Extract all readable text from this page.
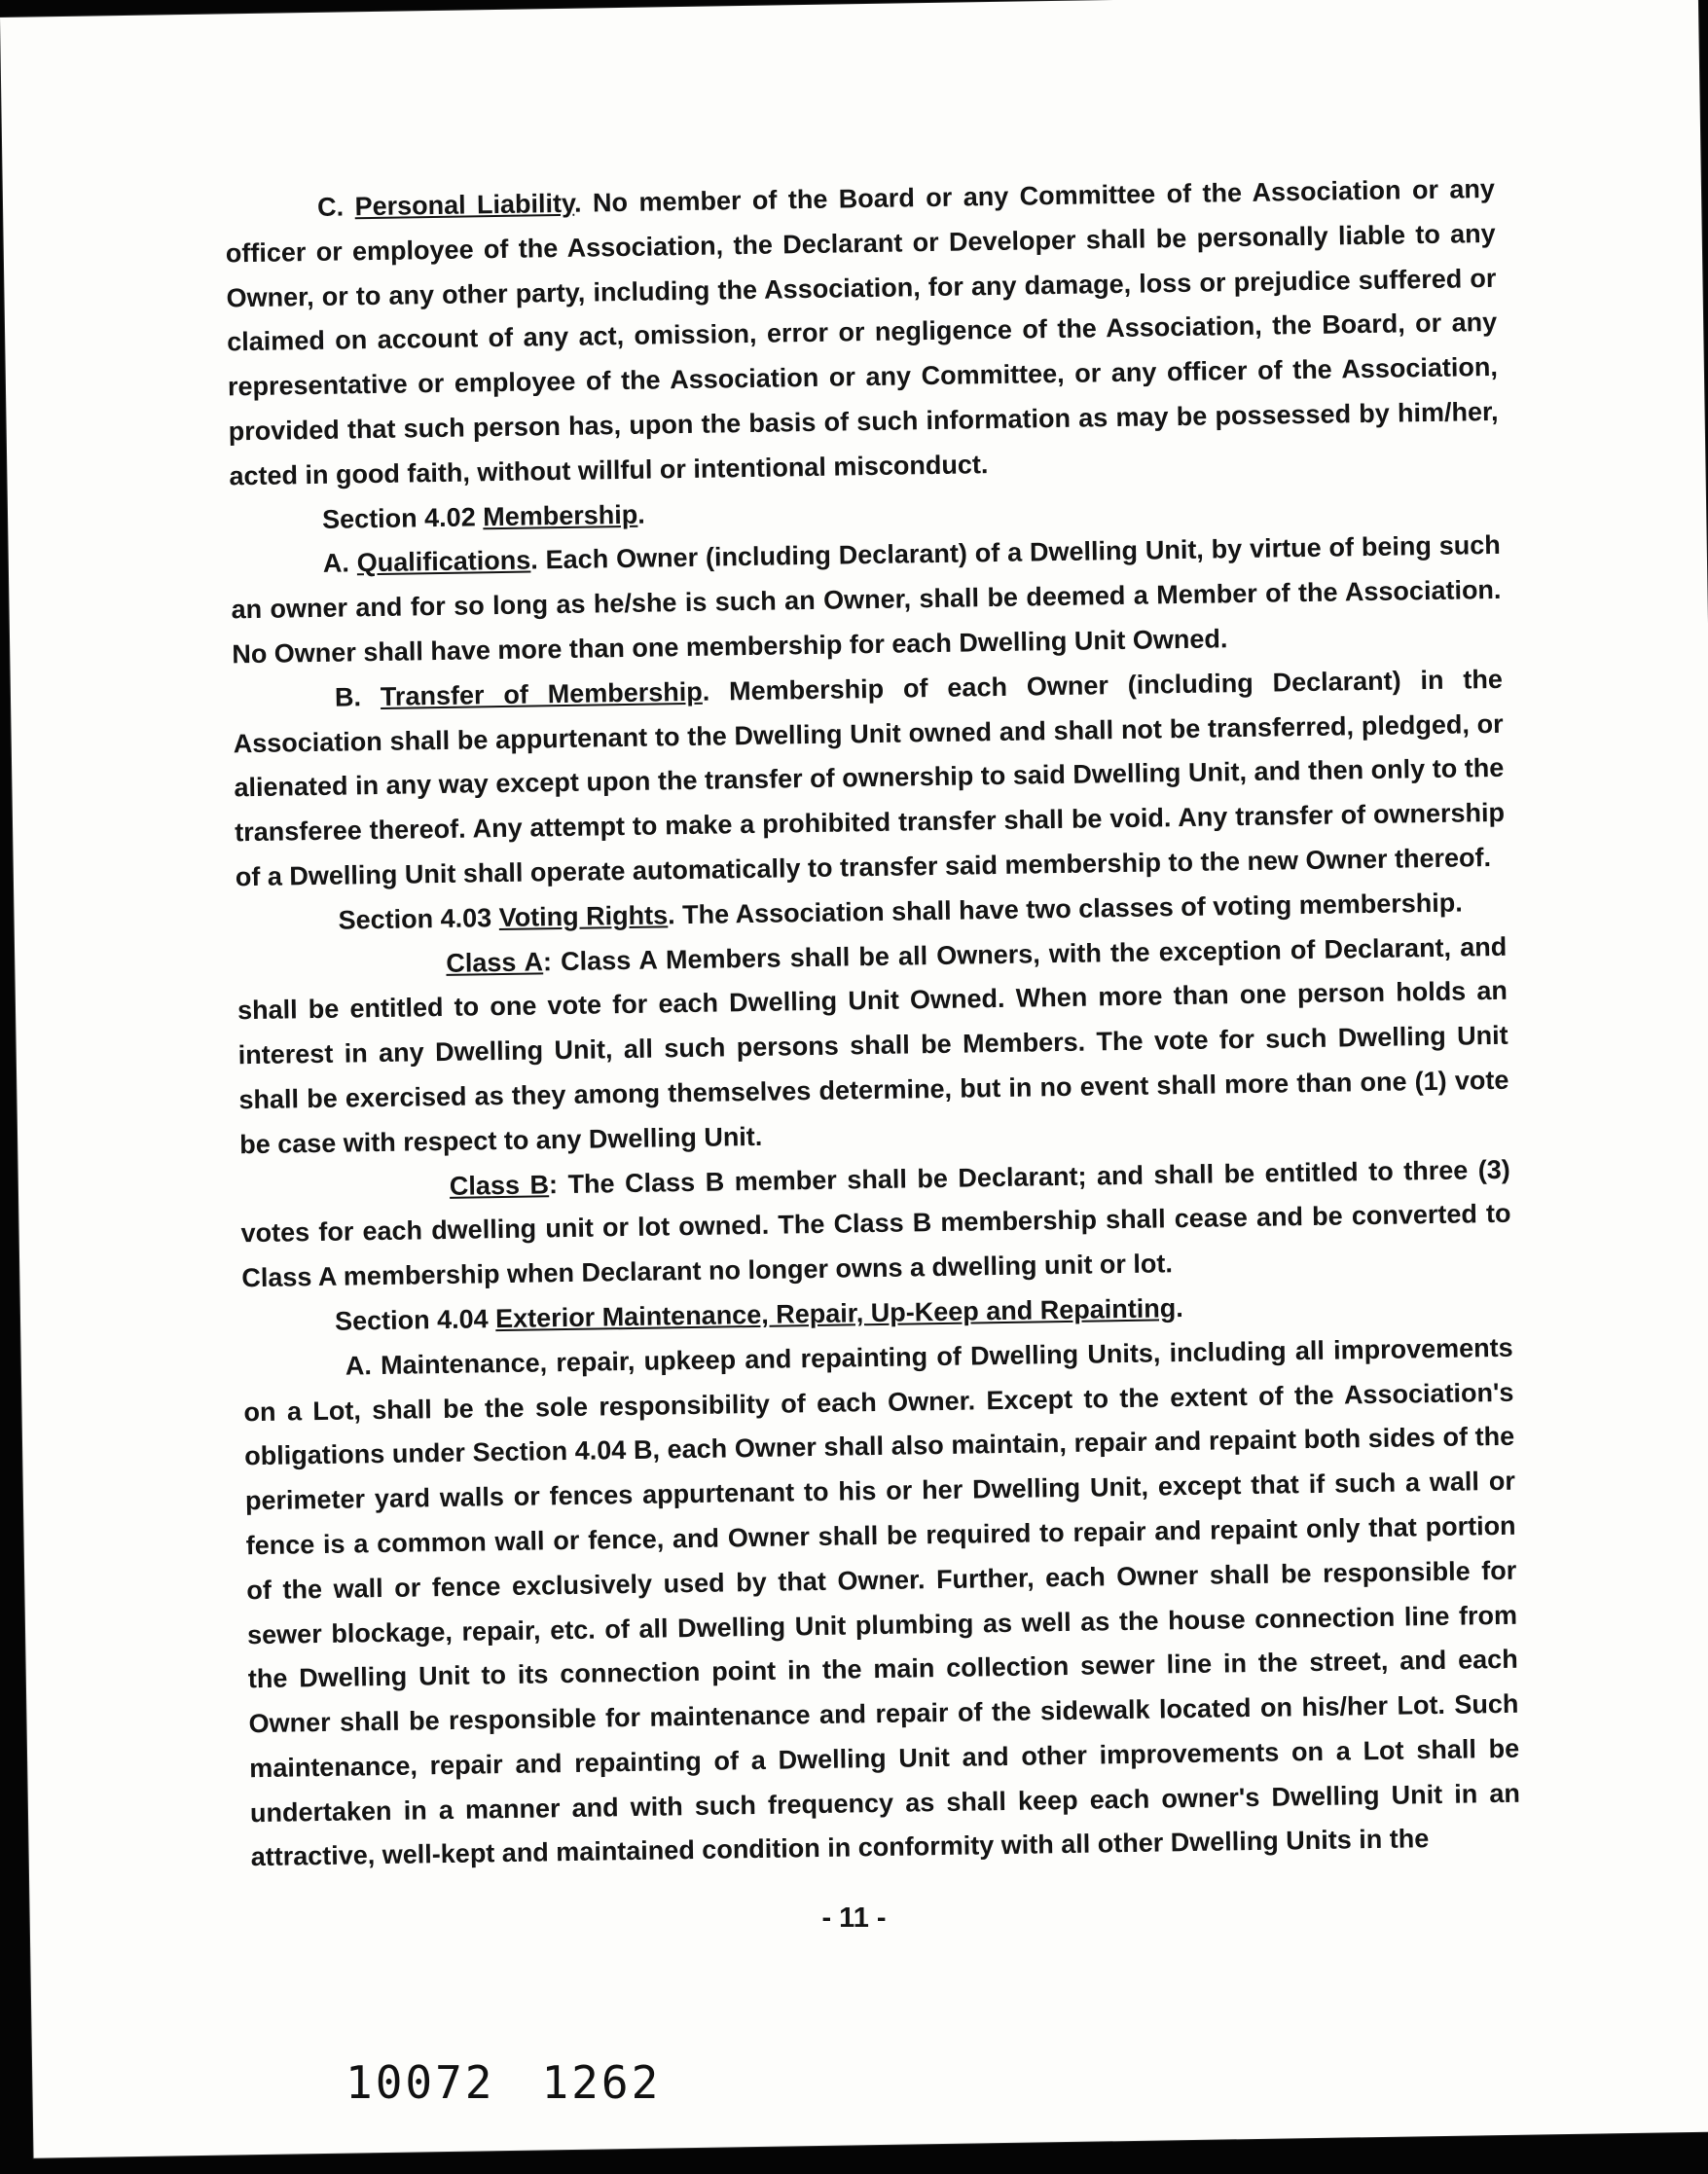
C. Personal Liability. No member of the Board or any Committee of the Association or any officer or employee of the Association, the Declarant or Developer shall be personally liable to any Owner, or to any other party, including the Association, for any damage, loss or prejudice suffered or claimed on account of any act, omission, error or negligence of the Association, the Board, or any representative or employee of the Association or any Committee, or any officer of the Association, provided that such person has, upon the basis of such information as may be possessed by him/her, acted in good faith, without willful or intentional misconduct.

Section 4.02 Membership.

A. Qualifications. Each Owner (including Declarant) of a Dwelling Unit, by virtue of being such an owner and for so long as he/she is such an Owner, shall be deemed a Member of the Association. No Owner shall have more than one membership for each Dwelling Unit Owned.

B. Transfer of Membership. Membership of each Owner (including Declarant) in the Association shall be appurtenant to the Dwelling Unit owned and shall not be transferred, pledged, or alienated in any way except upon the transfer of ownership to said Dwelling Unit, and then only to the transferee thereof. Any attempt to make a prohibited transfer shall be void. Any transfer of ownership of a Dwelling Unit shall operate automatically to transfer said membership to the new Owner thereof.

Section 4.03 Voting Rights. The Association shall have two classes of voting membership.

Class A: Class A Members shall be all Owners, with the exception of Declarant, and shall be entitled to one vote for each Dwelling Unit Owned. When more than one person holds an interest in any Dwelling Unit, all such persons shall be Members. The vote for such Dwelling Unit shall be exercised as they among themselves determine, but in no event shall more than one (1) vote be case with respect to any Dwelling Unit.

Class B: The Class B member shall be Declarant; and shall be entitled to three (3) votes for each dwelling unit or lot owned. The Class B membership shall cease and be converted to Class A membership when Declarant no longer owns a dwelling unit or lot.

Section 4.04 Exterior Maintenance, Repair, Up-Keep and Repainting.

A. Maintenance, repair, upkeep and repainting of Dwelling Units, including all improvements on a Lot, shall be the sole responsibility of each Owner. Except to the extent of the Association's obligations under Section 4.04 B, each Owner shall also maintain, repair and repaint both sides of the perimeter yard walls or fences appurtenant to his or her Dwelling Unit, except that if such a wall or fence is a common wall or fence, and Owner shall be required to repair and repaint only that portion of the wall or fence exclusively used by that Owner. Further, each Owner shall be responsible for sewer blockage, repair, etc. of all Dwelling Unit plumbing as well as the house connection line from the Dwelling Unit to its connection point in the main collection sewer line in the street, and each Owner shall be responsible for maintenance and repair of the sidewalk located on his/her Lot. Such maintenance, repair and repainting of a Dwelling Unit and other improvements on a Lot shall be undertaken in a manner and with such frequency as shall keep each owner's Dwelling Unit in an attractive, well-kept and maintained condition in conformity with all other Dwelling Units in the

- 11 -
10072 1262
